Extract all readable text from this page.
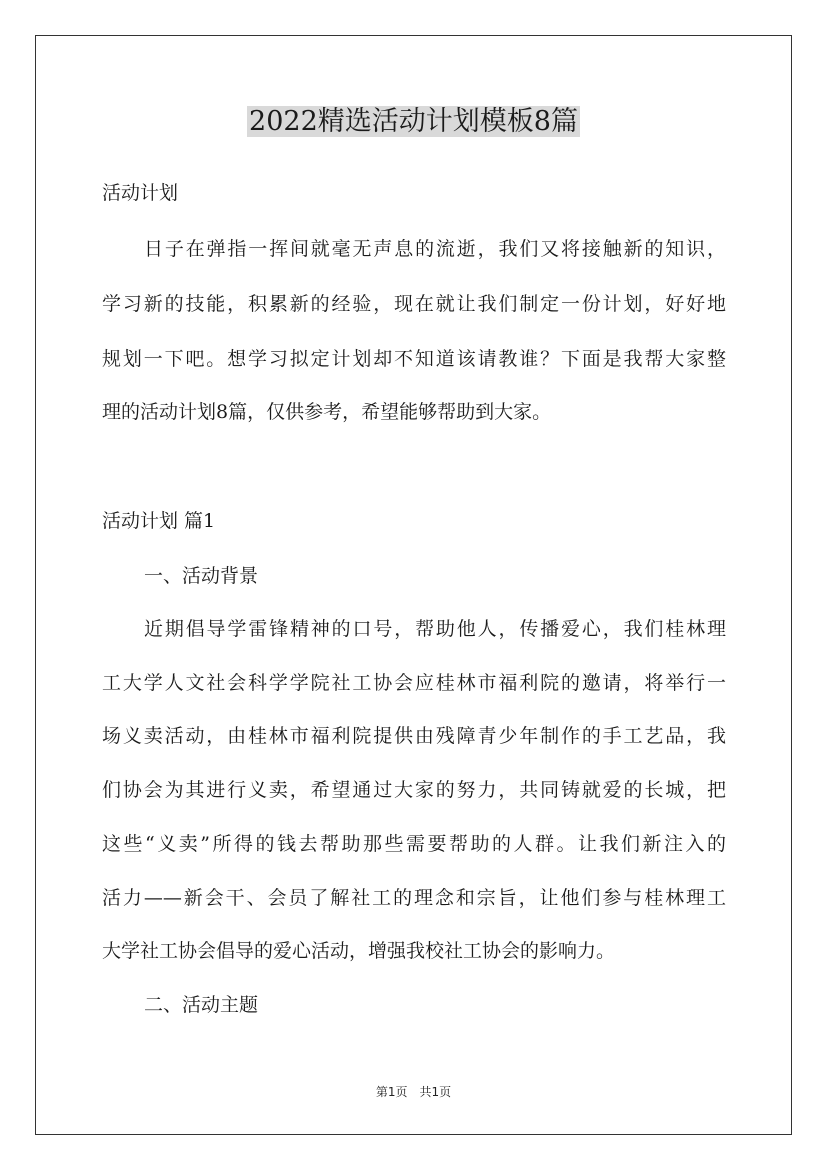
2022精选活动计划模板8篇
活动计划
日子在弹指一挥间就毫无声息的流逝，我们又将接触新的知识，
学习新的技能，积累新的经验，现在就让我们制定一份计划，好好地
规划一下吧。想学习拟定计划却不知道该请教谁？下面是我帮大家整
理的活动计划8篇，仅供参考，希望能够帮助到大家。
活动计划 篇1
一、活动背景
近期倡导学雷锋精神的口号，帮助他人，传播爱心，我们桂林理
工大学人文社会科学学院社工协会应桂林市福利院的邀请，将举行一
场义卖活动，由桂林市福利院提供由残障青少年制作的手工艺品，我
们协会为其进行义卖，希望通过大家的努力，共同铸就爱的长城，把
这些“义卖”所得的钱去帮助那些需要帮助的人群。让我们新注入的
活力——新会干、会员了解社工的理念和宗旨，让他们参与桂林理工
大学社工协会倡导的爱心活动，增强我校社工协会的影响力。
二、活动主题
第1页　共1页
